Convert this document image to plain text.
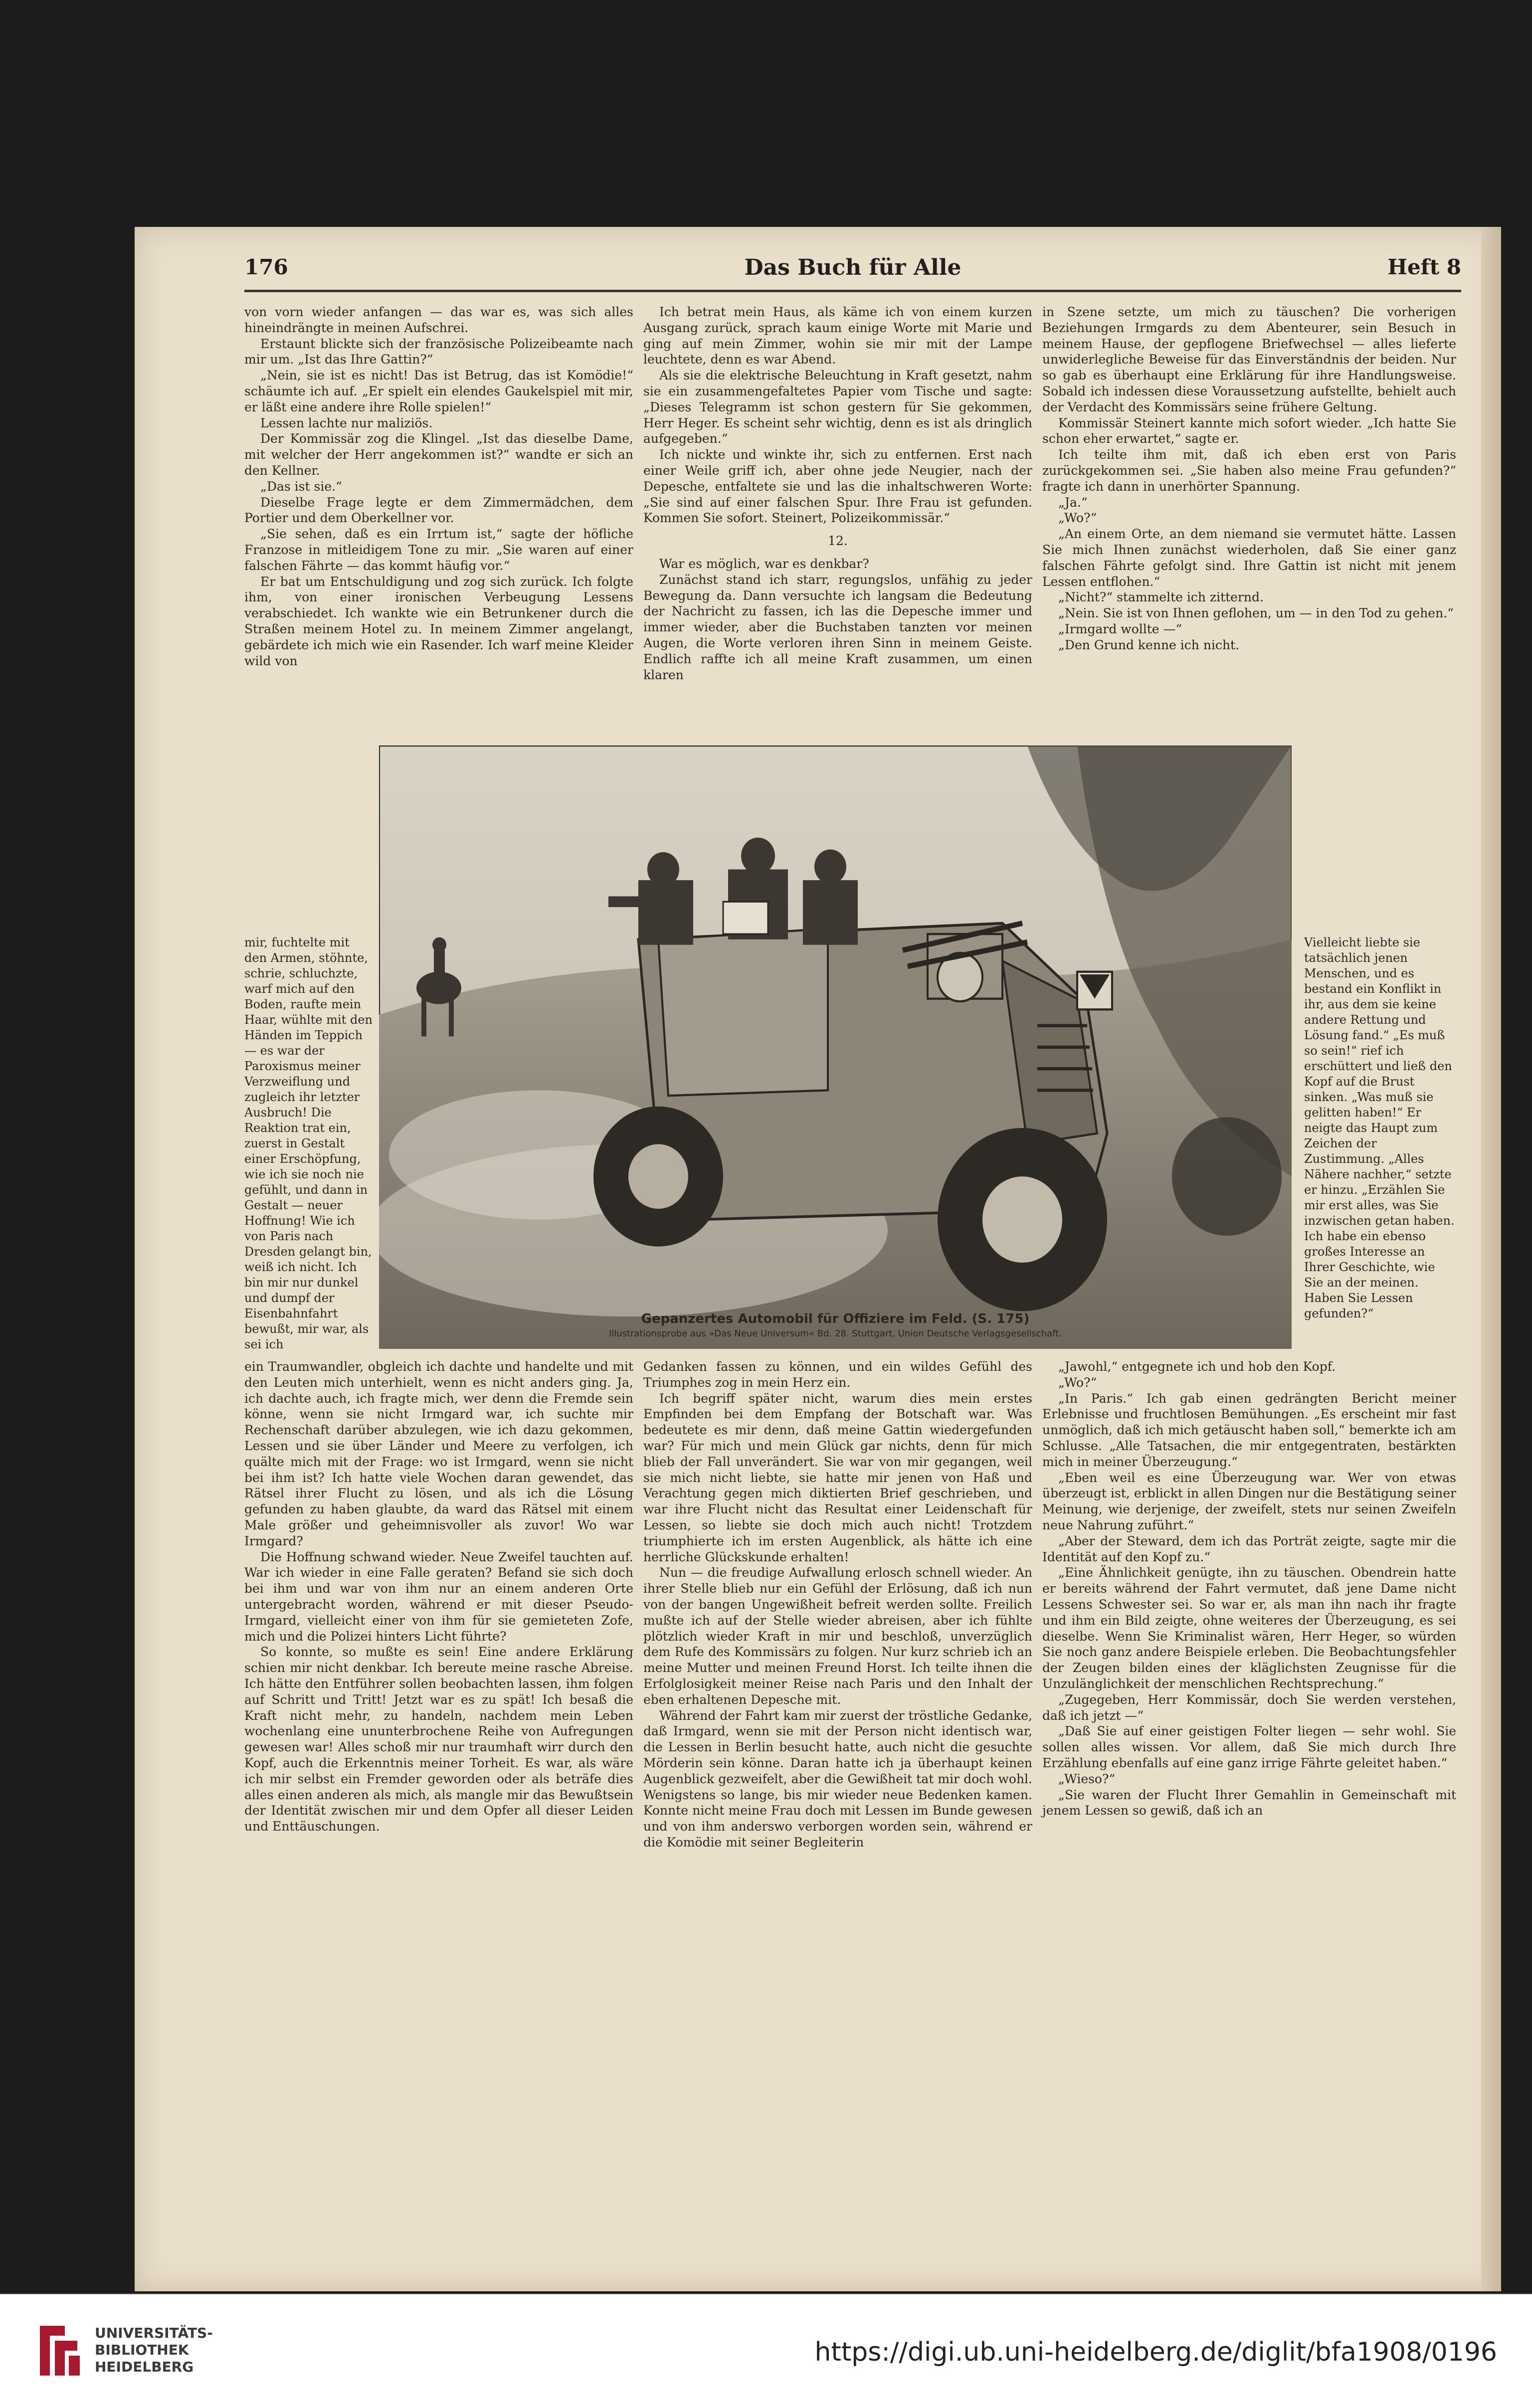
176	Das Buch für Alle	Heft 8

von vorn wieder anfangen — das war es, was sich alles hineindrängte in meinen Aufschrei.

Erstaunt blickte sich der französische Polizeibeamte nach mir um. „Ist das Ihre Gattin?“

„Nein, sie ist es nicht! Das ist Betrug, das ist Komödie!“ schäumte ich auf. „Er spielt ein elendes Gaukelspiel mit mir, er läßt eine andere ihre Rolle spielen!“

Lessen lachte nur maliziös.

Der Kommissär zog die Klingel. „Ist das dieselbe Dame, mit welcher der Herr angekommen ist?“ wandte er sich an den Kellner.

„Das ist sie.“

Dieselbe Frage legte er dem Zimmermädchen, dem Portier und dem Oberkellner vor.

„Sie sehen, daß es ein Irrtum ist,“ sagte der höfliche Franzose in mitleidigem Tone zu mir. „Sie waren auf einer falschen Fährte — das kommt häufig vor.“

Er bat um Entschuldigung und zog sich zurück. Ich folgte ihm, von einer ironischen Verbeugung Lessens verabschiedet. Ich wankte wie ein Betrunkener durch die Straßen meinem Hotel zu. In meinem Zimmer angelangt, gebärdete ich mich wie ein Rasender. Ich warf meine Kleider wild von

mir, fuchtelte mit den Armen, stöhnte, schrie, schluchzte, warf mich auf den Boden, raufte mein Haar, wühlte mit den Händen im Teppich — es war der Paroxismus meiner Verzweiflung und zugleich ihr letzter Ausbruch! Die Reaktion trat ein, zuerst in Gestalt einer Erschöpfung, wie ich sie noch nie gefühlt, und dann in Gestalt — neuer Hoffnung! Wie ich von Paris nach Dresden gelangt bin, weiß ich nicht. Ich bin mir nur dunkel und dumpf der Eisenbahnfahrt bewußt, mir war, als sei ich

Ich betrat mein Haus, als käme ich von einem kurzen Ausgang zurück, sprach kaum einige Worte mit Marie und ging auf mein Zimmer, wohin sie mir mit der Lampe leuchtete, denn es war Abend.

Als sie die elektrische Beleuchtung in Kraft gesetzt, nahm sie ein zusammengefaltetes Papier vom Tische und sagte: „Dieses Telegramm ist schon gestern für Sie gekommen, Herr Heger. Es scheint sehr wichtig, denn es ist als dringlich aufgegeben.“

Ich nickte und winkte ihr, sich zu entfernen. Erst nach einer Weile griff ich, aber ohne jede Neugier, nach der Depesche, entfaltete sie und las die inhaltschweren Worte: „Sie sind auf einer falschen Spur. Ihre Frau ist gefunden. Kommen Sie sofort. Steinert, Polizeikommissär.“

12.

War es möglich, war es denkbar?

Zunächst stand ich starr, regungslos, unfähig zu jeder Bewegung da. Dann versuchte ich langsam die Bedeutung der Nachricht zu fassen, ich las die Depesche immer und immer wieder, aber die Buchstaben tanzten vor meinen Augen, die Worte verloren ihren Sinn in meinem Geiste. Endlich raffte ich all meine Kraft zusammen, um einen klaren

in Szene setzte, um mich zu täuschen? Die vorherigen Beziehungen Irmgards zu dem Abenteurer, sein Besuch in meinem Hause, der gepflogene Briefwechsel — alles lieferte unwiderlegliche Beweise für das Einverständnis der beiden. Nur so gab es überhaupt eine Erklärung für ihre Handlungsweise. Sobald ich indessen diese Voraussetzung aufstellte, behielt auch der Verdacht des Kommissärs seine frühere Geltung.

Kommissär Steinert kannte mich sofort wieder. „Ich hatte Sie schon eher erwartet,“ sagte er.

Ich teilte ihm mit, daß ich eben erst von Paris zurückgekommen sei. „Sie haben also meine Frau gefunden?“ fragte ich dann in unerhörter Spannung.

„Ja.“

„Wo?“

„An einem Orte, an dem niemand sie vermutet hätte. Lassen Sie mich Ihnen zunächst wiederholen, daß Sie einer ganz falschen Fährte gefolgt sind. Ihre Gattin ist nicht mit jenem Lessen entflohen.“

„Nicht?“ stammelte ich zitternd.

„Nein. Sie ist von Ihnen geflohen, um — in den Tod zu gehen.“

„Irmgard wollte —“

„Den Grund kenne ich nicht.

Vielleicht liebte sie tatsächlich jenen Menschen, und es bestand ein Konflikt in ihr, aus dem sie keine andere Rettung und Lösung fand.“ „Es muß so sein!“ rief ich erschüttert und ließ den Kopf auf die Brust sinken. „Was muß sie gelitten haben!“ Er neigte das Haupt zum Zeichen der Zustimmung. „Alles Nähere nachher,“ setzte er hinzu. „Erzählen Sie mir erst alles, was Sie inzwischen getan haben. Ich habe ein ebenso großes Interesse an Ihrer Geschichte, wie Sie an der meinen. Haben Sie Lessen gefunden?“

Gepanzertes Automobil für Offiziere im Feld. (S. 175)
Illustrationsprobe aus »Das Neue Universum« Bd. 28. Stuttgart, Union Deutsche Verlagsgesellschaft.

ein Traumwandler, obgleich ich dachte und handelte und mit den Leuten mich unterhielt, wenn es nicht anders ging. Ja, ich dachte auch, ich fragte mich, wer denn die Fremde sein könne, wenn sie nicht Irmgard war, ich suchte mir Rechenschaft darüber abzulegen, wie ich dazu gekommen, Lessen und sie über Länder und Meere zu verfolgen, ich quälte mich mit der Frage: wo ist Irmgard, wenn sie nicht bei ihm ist? Ich hatte viele Wochen daran gewendet, das Rätsel ihrer Flucht zu lösen, und als ich die Lösung gefunden zu haben glaubte, da ward das Rätsel mit einem Male größer und geheimnisvoller als zuvor! Wo war Irmgard?

Die Hoffnung schwand wieder. Neue Zweifel tauchten auf. War ich wieder in eine Falle geraten? Befand sie sich doch bei ihm und war von ihm nur an einem anderen Orte untergebracht worden, während er mit dieser Pseudo-Irmgard, vielleicht einer von ihm für sie gemieteten Zofe, mich und die Polizei hinters Licht führte?

So konnte, so mußte es sein! Eine andere Erklärung schien mir nicht denkbar. Ich bereute meine rasche Abreise. Ich hätte den Entführer sollen beobachten lassen, ihm folgen auf Schritt und Tritt! Jetzt war es zu spät! Ich besaß die Kraft nicht mehr, zu handeln, nachdem mein Leben wochenlang eine ununterbrochene Reihe von Aufregungen gewesen war! Alles schoß mir nur traumhaft wirr durch den Kopf, auch die Erkenntnis meiner Torheit. Es war, als wäre ich mir selbst ein Fremder geworden oder als beträfe dies alles einen anderen als mich, als mangle mir das Bewußtsein der Identität zwischen mir und dem Opfer all dieser Leiden und Enttäuschungen.

Gedanken fassen zu können, und ein wildes Gefühl des Triumphes zog in mein Herz ein.

Ich begriff später nicht, warum dies mein erstes Empfinden bei dem Empfang der Botschaft war. Was bedeutete es mir denn, daß meine Gattin wiedergefunden war? Für mich und mein Glück gar nichts, denn für mich blieb der Fall unverändert. Sie war von mir gegangen, weil sie mich nicht liebte, sie hatte mir jenen von Haß und Verachtung gegen mich diktierten Brief geschrieben, und war ihre Flucht nicht das Resultat einer Leidenschaft für Lessen, so liebte sie doch mich auch nicht! Trotzdem triumphierte ich im ersten Augenblick, als hätte ich eine herrliche Glückskunde erhalten!

Nun — die freudige Aufwallung erlosch schnell wieder. An ihrer Stelle blieb nur ein Gefühl der Erlösung, daß ich nun von der bangen Ungewißheit befreit werden sollte. Freilich mußte ich auf der Stelle wieder abreisen, aber ich fühlte plötzlich wieder Kraft in mir und beschloß, unverzüglich dem Rufe des Kommissärs zu folgen. Nur kurz schrieb ich an meine Mutter und meinen Freund Horst. Ich teilte ihnen die Erfolglosigkeit meiner Reise nach Paris und den Inhalt der eben erhaltenen Depesche mit.

Während der Fahrt kam mir zuerst der tröstliche Gedanke, daß Irmgard, wenn sie mit der Person nicht identisch war, die Lessen in Berlin besucht hatte, auch nicht die gesuchte Mörderin sein könne. Daran hatte ich ja überhaupt keinen Augenblick gezweifelt, aber die Gewißheit tat mir doch wohl. Wenigstens so lange, bis mir wieder neue Bedenken kamen. Konnte nicht meine Frau doch mit Lessen im Bunde gewesen und von ihm anderswo verborgen worden sein, während er die Komödie mit seiner Begleiterin

„Jawohl,“ entgegnete ich und hob den Kopf.

„Wo?“

„In Paris.“ Ich gab einen gedrängten Bericht meiner Erlebnisse und fruchtlosen Bemühungen. „Es erscheint mir fast unmöglich, daß ich mich getäuscht haben soll,“ bemerkte ich am Schlusse. „Alle Tatsachen, die mir entgegentraten, bestärkten mich in meiner Überzeugung.“

„Eben weil es eine Überzeugung war. Wer von etwas überzeugt ist, erblickt in allen Dingen nur die Bestätigung seiner Meinung, wie derjenige, der zweifelt, stets nur seinen Zweifeln neue Nahrung zuführt.“

„Aber der Steward, dem ich das Porträt zeigte, sagte mir die Identität auf den Kopf zu.“

„Eine Ähnlichkeit genügte, ihn zu täuschen. Obendrein hatte er bereits während der Fahrt vermutet, daß jene Dame nicht Lessens Schwester sei. So war er, als man ihn nach ihr fragte und ihm ein Bild zeigte, ohne weiteres der Überzeugung, es sei dieselbe. Wenn Sie Kriminalist wären, Herr Heger, so würden Sie noch ganz andere Beispiele erleben. Die Beobachtungsfehler der Zeugen bilden eines der kläglichsten Zeugnisse für die Unzulänglichkeit der menschlichen Rechtsprechung.“

„Zugegeben, Herr Kommissär, doch Sie werden verstehen, daß ich jetzt —“

„Daß Sie auf einer geistigen Folter liegen — sehr wohl. Sie sollen alles wissen. Vor allem, daß Sie mich durch Ihre Erzählung ebenfalls auf eine ganz irrige Fährte geleitet haben.“

„Wieso?“

„Sie waren der Flucht Ihrer Gemahlin in Gemeinschaft mit jenem Lessen so gewiß, daß ich an

UNIVERSITÄTS-
BIBLIOTHEK
HEIDELBERG	https://digi.ub.uni-heidelberg.de/diglit/bfa1908/0196
